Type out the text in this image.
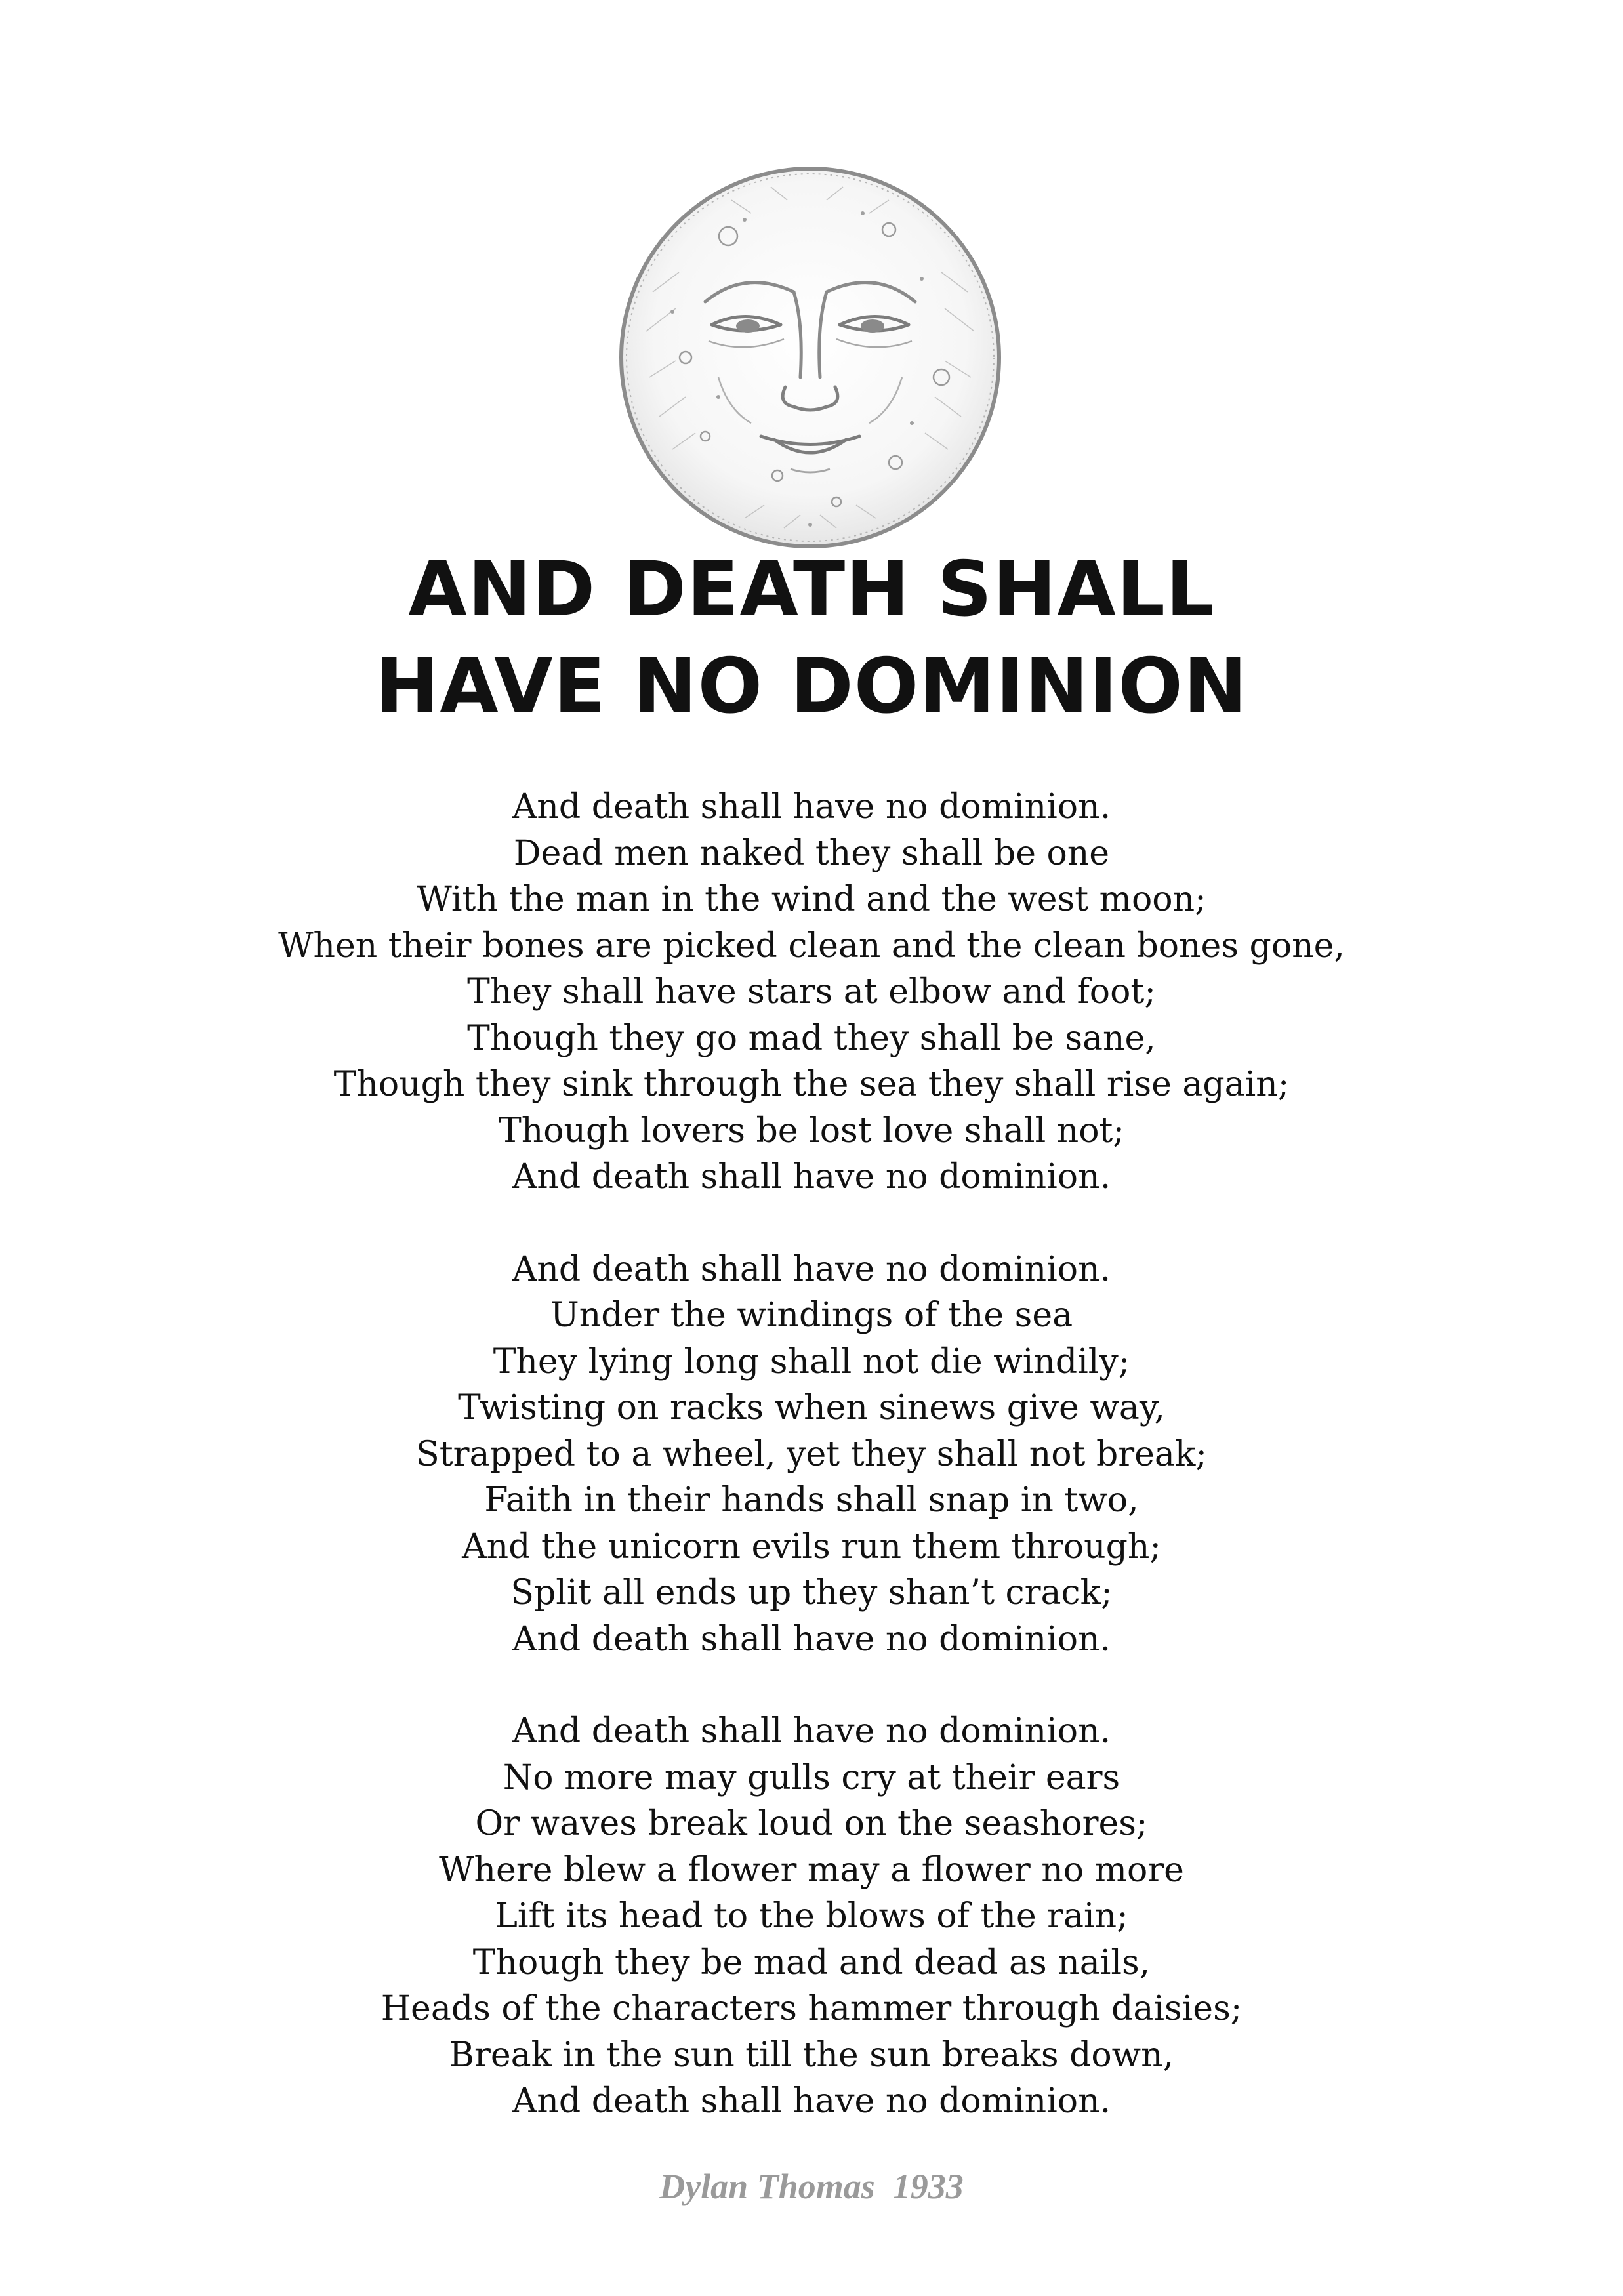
AND DEATH SHALL
HAVE NO DOMINION
And death shall have no dominion.
Dead men naked they shall be one
With the man in the wind and the west moon;
When their bones are picked clean and the clean bones gone,
They shall have stars at elbow and foot;
Though they go mad they shall be sane,
Though they sink through the sea they shall rise again;
Though lovers be lost love shall not;
And death shall have no dominion.
And death shall have no dominion.
Under the windings of the sea
They lying long shall not die windily;
Twisting on racks when sinews give way,
Strapped to a wheel, yet they shall not break;
Faith in their hands shall snap in two,
And the unicorn evils run them through;
Split all ends up they shan’t crack;
And death shall have no dominion.
And death shall have no dominion.
No more may gulls cry at their ears
Or waves break loud on the seashores;
Where blew a flower may a flower no more
Lift its head to the blows of the rain;
Though they be mad and dead as nails,
Heads of the characters hammer through daisies;
Break in the sun till the sun breaks down,
And death shall have no dominion.
Dylan Thomas  1933
